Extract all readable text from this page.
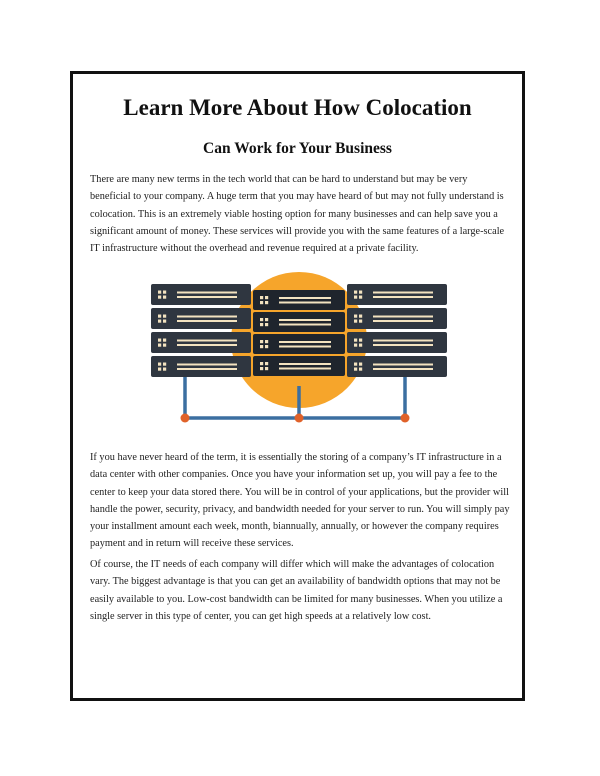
Learn More About How Colocation
Can Work for Your Business

There are many new terms in the tech world that can be hard to understand but may be very beneficial to your company. A huge term that you may have heard of but may not fully understand is colocation. This is an extremely viable hosting option for many businesses and can help save you a significant amount of money. These services will provide you with the same features of a large-scale IT infrastructure without the overhead and revenue required at a private facility.

If you have never heard of the term, it is essentially the storing of a company’s IT infrastructure in a data center with other companies. Once you have your information set up, you will pay a fee to the center to keep your data stored there. You will be in control of your applications, but the provider will handle the power, security, privacy, and bandwidth needed for your server to run. You will simply pay your installment amount each week, month, biannually, annually, or however the company requires payment and in return will receive these services.

Of course, the IT needs of each company will differ which will make the advantages of colocation vary. The biggest advantage is that you can get an availability of bandwidth options that may not be easily available to you. Low-cost bandwidth can be limited for many businesses. When you utilize a single server in this type of center, you can get high speeds at a relatively low cost.
